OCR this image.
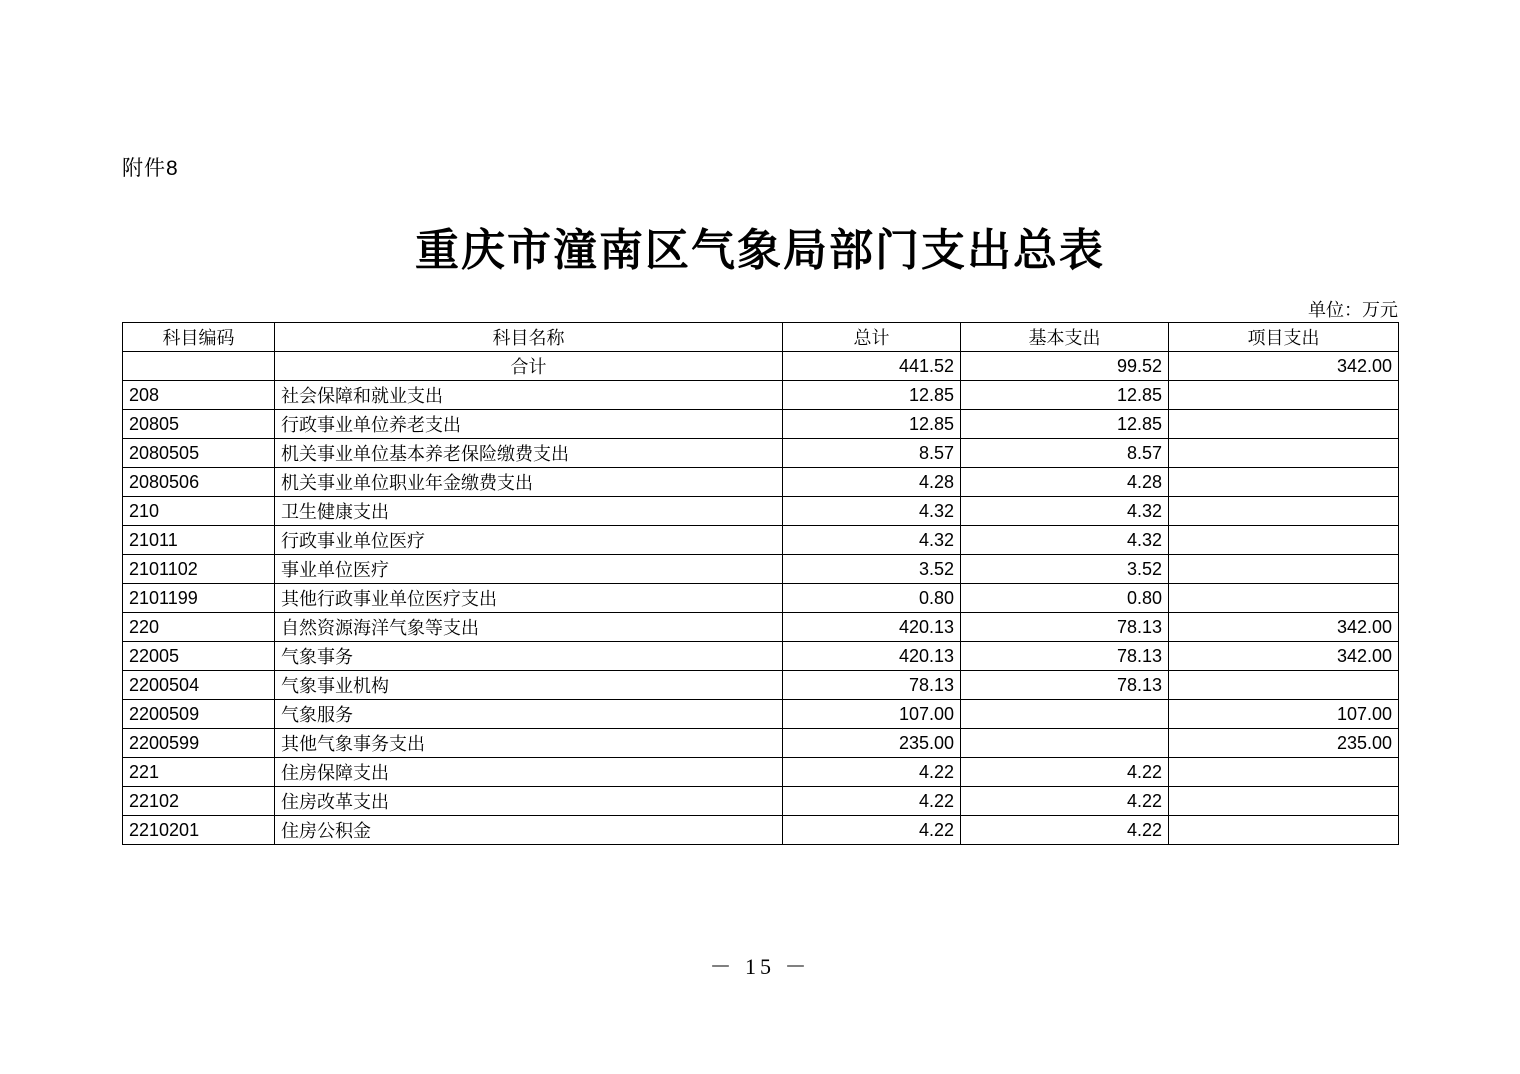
附件8
重庆市潼南区气象局部门支出总表
单位：万元
科目编码	科目名称	总计	基本支出	项目支出
	合计	441.52	99.52	342.00
208	社会保障和就业支出	12.85	12.85	
20805	行政事业单位养老支出	12.85	12.85	
2080505	机关事业单位基本养老保险缴费支出	8.57	8.57	
2080506	机关事业单位职业年金缴费支出	4.28	4.28	
210	卫生健康支出	4.32	4.32	
21011	行政事业单位医疗	4.32	4.32	
2101102	事业单位医疗	3.52	3.52	
2101199	其他行政事业单位医疗支出	0.80	0.80	
220	自然资源海洋气象等支出	420.13	78.13	342.00
22005	气象事务	420.13	78.13	342.00
2200504	气象事业机构	78.13	78.13	
2200509	气象服务	107.00		107.00
2200599	其他气象事务支出	235.00		235.00
221	住房保障支出	4.22	4.22	
22102	住房改革支出	4.22	4.22	
2210201	住房公积金	4.22	4.22	
－ 15 －
